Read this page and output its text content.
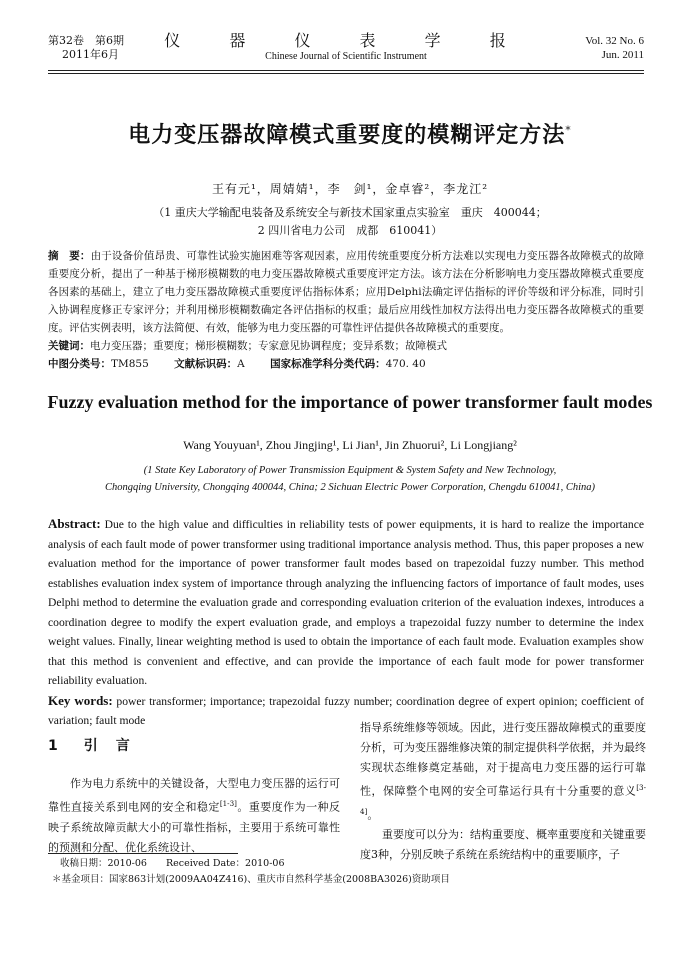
第32卷　第6期
2011年6月
仪 器 仪 表 学 报
Chinese Journal of Scientific Instrument
Vol. 32 No. 6
Jun. 2011
电力变压器故障模式重要度的模糊评定方法*
王有元¹，周婧婧¹，李　剑¹，金卓睿²，李龙江²
（1 重庆大学输配电装备及系统安全与新技术国家重点实验室　重庆　400044；
2 四川省电力公司　成都　610041）
摘　要：由于设备价值昂贵、可靠性试验实施困难等客观因素，应用传统重要度分析方法难以实现电力变压器各故障模式的故障重要度分析，提出了一种基于梯形模糊数的电力变压器故障模式重要度评定方法。该方法在分析影响电力变压器故障模式重要度各因素的基础上，建立了电力变压器故障模式重要度评估指标体系；应用Delphi法确定评估指标的评价等级和评分标准，同时引入协调程度修正专家评分；并利用梯形模糊数确定各评估指标的权重；最后应用线性加权方法得出电力变压器各故障模式的重要度。评估实例表明，该方法简便、有效，能够为电力变压器的可靠性评估提供各故障模式的重要度。
关键词：电力变压器；重要度；梯形模糊数；专家意见协调程度；变异系数；故障模式
中图分类号：TM855 文献标识码：A 国家标准学科分类代码：470. 40
Fuzzy evaluation method for the importance of power transformer fault modes
Wang Youyuan¹, Zhou Jingjing¹, Li Jian¹, Jin Zhuorui², Li Longjiang²
(1 State Key Laboratory of Power Transmission Equipment & System Safety and New Technology,
Chongqing University, Chongqing 400044, China; 2 Sichuan Electric Power Corporation, Chengdu 610041, China)
Abstract: Due to the high value and difficulties in reliability tests of power equipments, it is hard to realize the importance analysis of each fault mode of power transformer using traditional importance analysis method. Thus, this paper proposes a new evaluation method for the importance of power transformer fault modes based on trapezoidal fuzzy number. This method establishes evaluation index system of importance through analyzing the influencing factors of importance of fault modes, uses Delphi method to determine the evaluation grade and corresponding evaluation criterion of the evaluation indexes, introduces a coordination degree to modify the expert evaluation grade, and employs a trapezoidal fuzzy number to determine the index weight values. Finally, linear weighting method is used to obtain the importance of each fault mode. Evaluation examples show that this method is convenient and effective, and can provide the importance of each fault mode for power transformer reliability evaluation.
Key words: power transformer; importance; trapezoidal fuzzy number; coordination degree of expert opinion; coefficient of variation; fault mode
1 引　言

作为电力系统中的关键设备，大型电力变压器的运行可靠性直接关系到电网的安全和稳定[1-3]。重要度作为一种反映子系统故障贡献大小的可靠性指标，主要用于系统可靠性的预测和分配、优化系统设计、

指导系统维修等领域。因此，进行变压器故障模式的重要度分析，可为变压器维修决策的制定提供科学依据，并为最终实现状态维修奠定基础，对于提高电力变压器的运行可靠性，保障整个电网的安全可靠运行具有十分重要的意义[3-4]。

重要度可以分为：结构重要度、概率重要度和关键重要度3种，分别反映子系统在系统结构中的重要顺序，子

收稿日期：2010-06　　Received Date：2010-06
＊基金项目：国家863计划(2009AA04Z416)、重庆市自然科学基金(2008BA3026)资助项目
